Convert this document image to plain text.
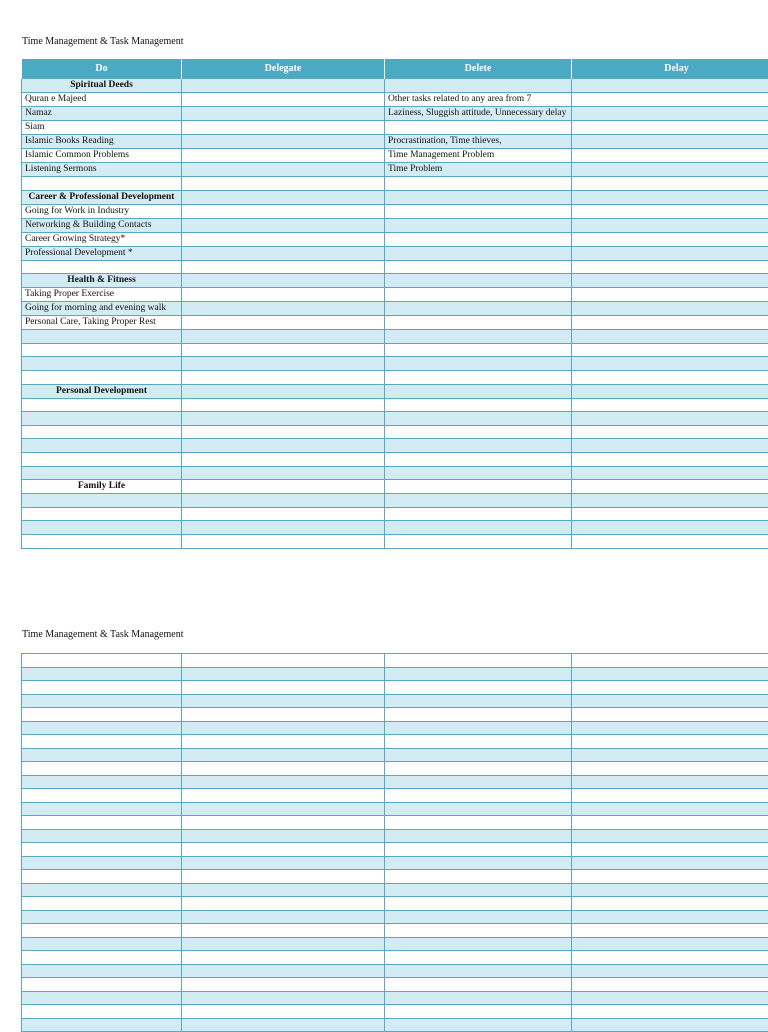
Time Management & Task Management
Do	Delegate	Delete	Delay
Spiritual Deeds			
Quran e Majeed		Other tasks related to any area from 7	
Namaz		Laziness, Sluggish attitude, Unnecessary delay	
Siam			
Islamic Books Reading		Procrastination, Time thieves,	
Islamic Common Problems		Time Management Problem	
Listening Sermons		Time Problem	

Career & Professional Development			
Going for Work in Industry			
Networking & Building Contacts			
Career Growing Strategy*			
Professional Development *			

Health & Fitness			
Taking Proper Exercise			
Going for morning and evening walk			
Personal Care, Taking Proper Rest			

Personal Development			

Family Life			

Time Management & Task Management
